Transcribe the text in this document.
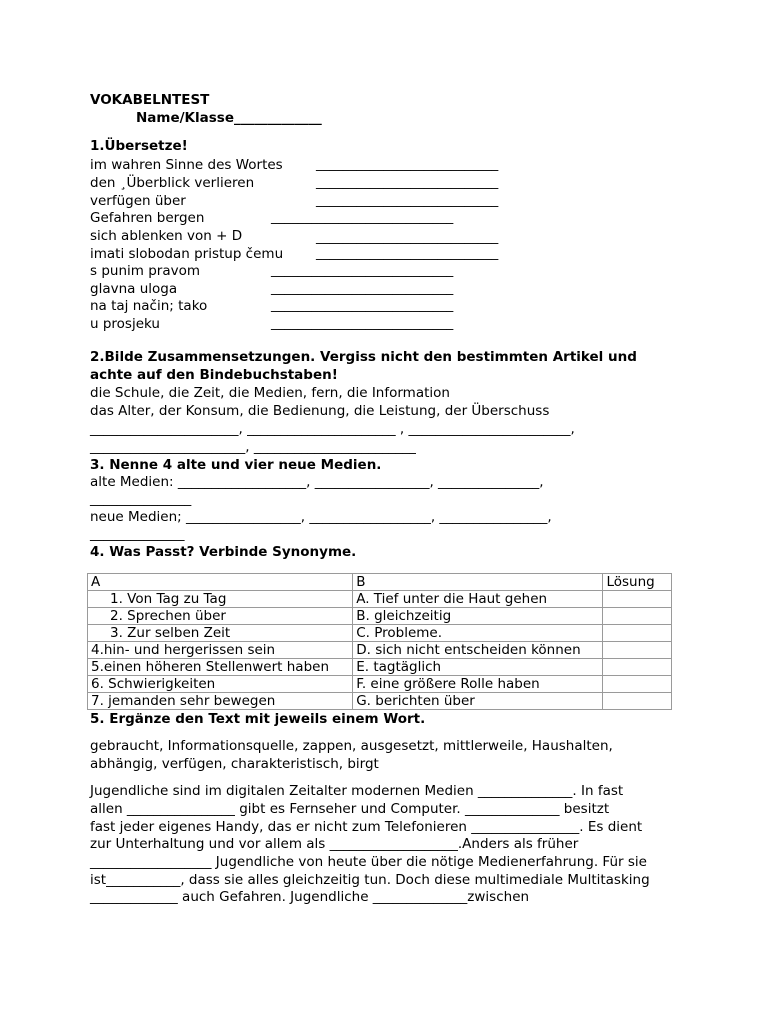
VOKABELNTEST
Name/Klasse_____________
1.Übersetze!
im wahren Sinne des Wortes ___________________________
den ¸Überblick verlieren	___________________________
verfügen über	___________________________
Gefahren bergen	___________________________
sich ablenken von + D	___________________________
imati slobodan pristup čemu ___________________________
s punim pravom	___________________________
glavna uloga	___________________________
na taj način; tako	___________________________
u prosjeku	___________________________
2.Bilde Zusammensetzungen. Vergiss nicht den bestimmten Artikel und
achte auf den Bindebuchstaben!
die Schule, die Zeit, die Medien, fern, die Information
das Alter, der Konsum, die Bedienung, die Leistung, der Überschuss
______________________, ______________________ , ________________________,
_______________________, ________________________
3. Nenne 4 alte und vier neue Medien.
alte Medien: ___________________, _________________, _______________,
_______________
neue Medien; _________________, __________________, ________________,
______________
4. Was Passt? Verbinde Synonyme.
A	B	Lösung
1. Von Tag zu Tag	A. Tief unter die Haut gehen	
2. Sprechen über	B. gleichzeitig	
3. Zur selben Zeit	C. Probleme.	
4.hin- und hergerissen sein	D. sich nicht entscheiden können	
5.einen höheren Stellenwert haben	E. tagtäglich	
6. Schwierigkeiten	F. eine größere Rolle haben	
7. jemanden sehr bewegen	G. berichten über	
5. Ergänze den Text mit jeweils einem Wort.
gebraucht, Informationsquelle, zappen, ausgesetzt, mittlerweile, Haushalten,
abhängig, verfügen, charakteristisch, birgt
Jugendliche sind im digitalen Zeitalter modernen Medien ______________. In fast
allen ________________ gibt es Fernseher und Computer. ______________ besitzt
fast jeder eigenes Handy, das er nicht zum Telefonieren ________________. Es dient
zur Unterhaltung und vor allem als ___________________.Anders als früher
__________________ Jugendliche von heute über die nötige Medienerfahrung. Für sie
ist___________, dass sie alles gleichzeitig tun. Doch diese multimediale Multitasking
_____________ auch Gefahren. Jugendliche ______________zwischen
